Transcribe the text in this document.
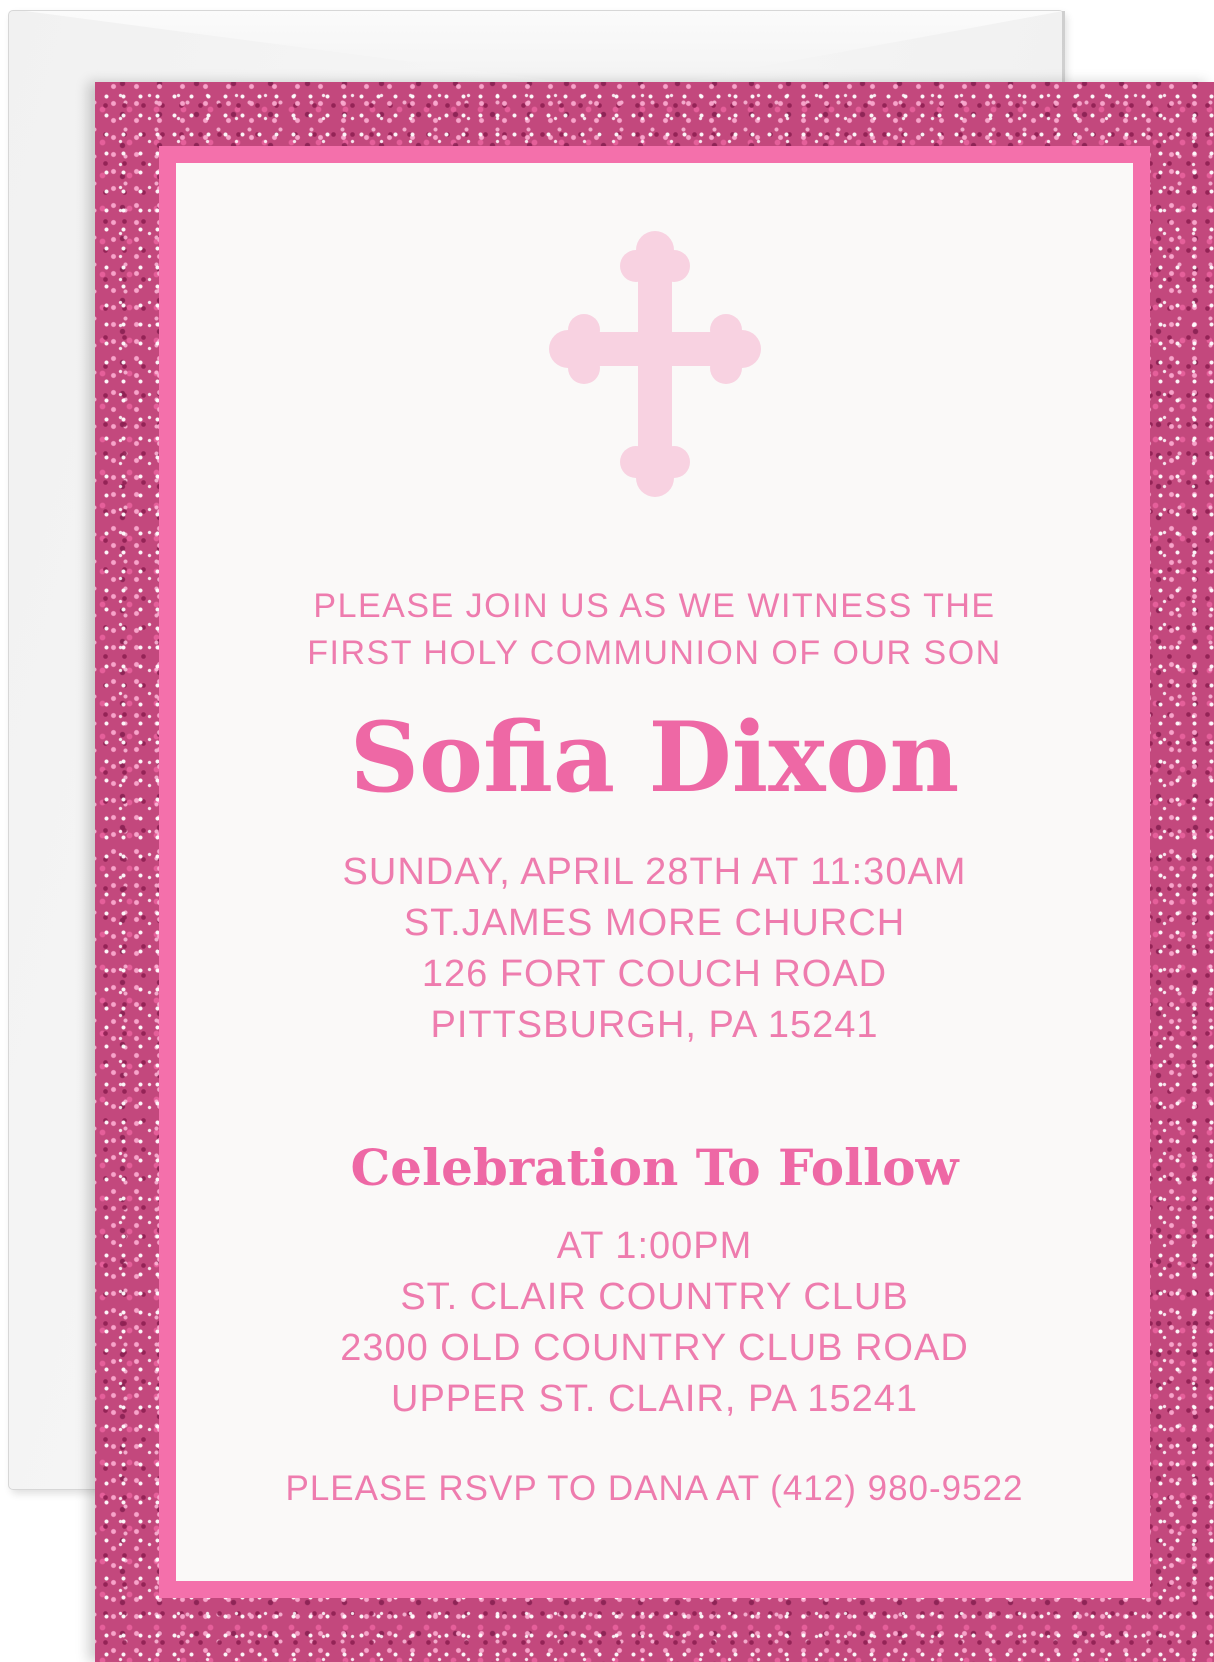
PLEASE JOIN US AS WE WITNESS THE
FIRST HOLY COMMUNION OF OUR SON

Sofia Dixon

SUNDAY, APRIL 28TH AT 11:30AM
ST.JAMES MORE CHURCH
126 FORT COUCH ROAD
PITTSBURGH, PA 15241

Celebration To Follow

AT 1:00PM
ST. CLAIR COUNTRY CLUB
2300 OLD COUNTRY CLUB ROAD
UPPER ST. CLAIR, PA 15241

PLEASE RSVP TO DANA AT (412) 980-9522
